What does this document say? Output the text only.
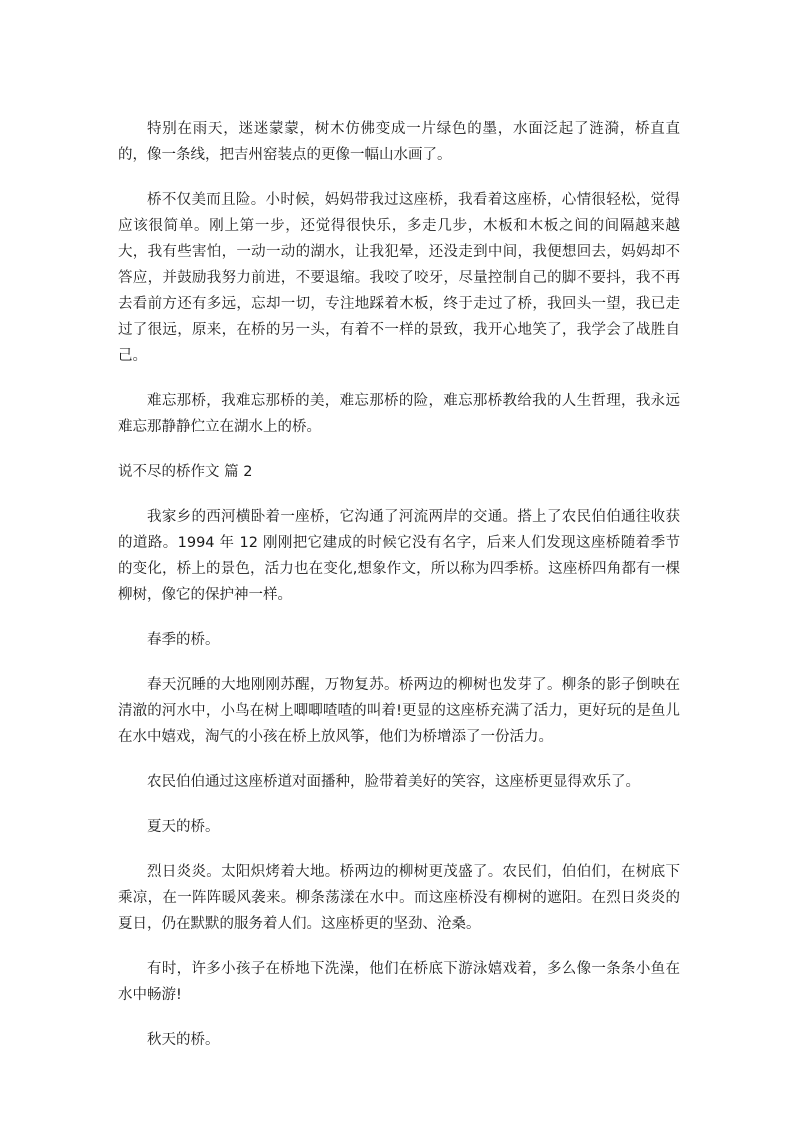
特别在雨天，迷迷蒙蒙，树木仿佛变成一片绿色的墨，水面泛起了涟漪，桥直直的，像一条线，把吉州窑装点的更像一幅山水画了。

桥不仅美而且险。小时候，妈妈带我过这座桥，我看着这座桥，心情很轻松，觉得应该很简单。刚上第一步，还觉得很快乐，多走几步，木板和木板之间的间隔越来越大，我有些害怕，一动一动的湖水，让我犯晕，还没走到中间，我便想回去，妈妈却不答应，并鼓励我努力前进，不要退缩。我咬了咬牙，尽量控制自己的脚不要抖，我不再去看前方还有多远，忘却一切，专注地踩着木板，终于走过了桥，我回头一望，我已走过了很远，原来，在桥的另一头，有着不一样的景致，我开心地笑了，我学会了战胜自己。

难忘那桥，我难忘那桥的美，难忘那桥的险，难忘那桥教给我的人生哲理，我永远难忘那静静伫立在湖水上的桥。

说不尽的桥作文 篇 2

我家乡的西河横卧着一座桥，它沟通了河流两岸的交通。搭上了农民伯伯通往收获的道路。1994 年 12 刚刚把它建成的时候它没有名字，后来人们发现这座桥随着季节的变化，桥上的景色，活力也在变化,想象作文，所以称为四季桥。这座桥四角都有一棵柳树，像它的保护神一样。

春季的桥。

春天沉睡的大地刚刚苏醒，万物复苏。桥两边的柳树也发芽了。柳条的影子倒映在清澈的河水中，小鸟在树上唧唧喳喳的叫着!更显的这座桥充满了活力，更好玩的是鱼儿在水中嬉戏，淘气的小孩在桥上放风筝，他们为桥增添了一份活力。

农民伯伯通过这座桥道对面播种，脸带着美好的笑容，这座桥更显得欢乐了。

夏天的桥。

烈日炎炎。太阳炽烤着大地。桥两边的柳树更茂盛了。农民们，伯伯们，在树底下乘凉，在一阵阵暖风袭来。柳条荡漾在水中。而这座桥没有柳树的遮阳。在烈日炎炎的夏日，仍在默默的服务着人们。这座桥更的坚劲、沧桑。

有时，许多小孩子在桥地下洗澡，他们在桥底下游泳嬉戏着，多么像一条条小鱼在水中畅游!

秋天的桥。
